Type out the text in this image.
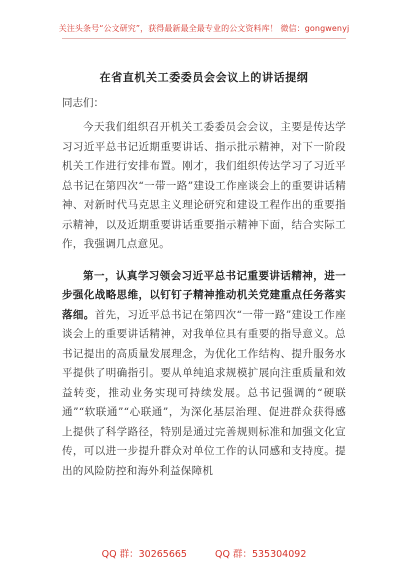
关注头条号“公文研究”，获得最新最全最专业的公文资料库！ 微信：gongwenyj
在省直机关工委委员会会议上的讲话提纲
同志们：

今天我们组织召开机关工委委员会会议，主要是传达学习习近平总书记近期重要讲话、指示批示精神，对下一阶段机关工作进行安排布置。刚才，我们组织传达学习了习近平总书记在第四次“一带一路”建设工作座谈会上的重要讲话精神、对新时代马克思主义理论研究和建设工程作出的重要指示精神，以及近期重要讲话重要指示精神下面，结合实际工作，我强调几点意见。

第一，认真学习领会习近平总书记重要讲话精神，进一步强化战略思维，以钉钉子精神推动机关党建重点任务落实落细。首先，习近平总书记在第四次“一带一路”建设工作座谈会上的重要讲话精神，对我单位具有重要的指导意义。总书记提出的高质量发展理念，为优化工作结构、提升服务水平提供了明确指引。要从单纯追求规模扩展向注重质量和效益转变，推动业务实现可持续发展。总书记强调的“硬联通”“软联通”“心联通”，为深化基层治理、促进群众获得感上提供了科学路径，特别是通过完善规则标准和加强文化宣传，可以进一步提升群众对单位工作的认同感和支持度。提出的风险防控和海外利益保障机

QQ 群：30265665	QQ 群：535304092
